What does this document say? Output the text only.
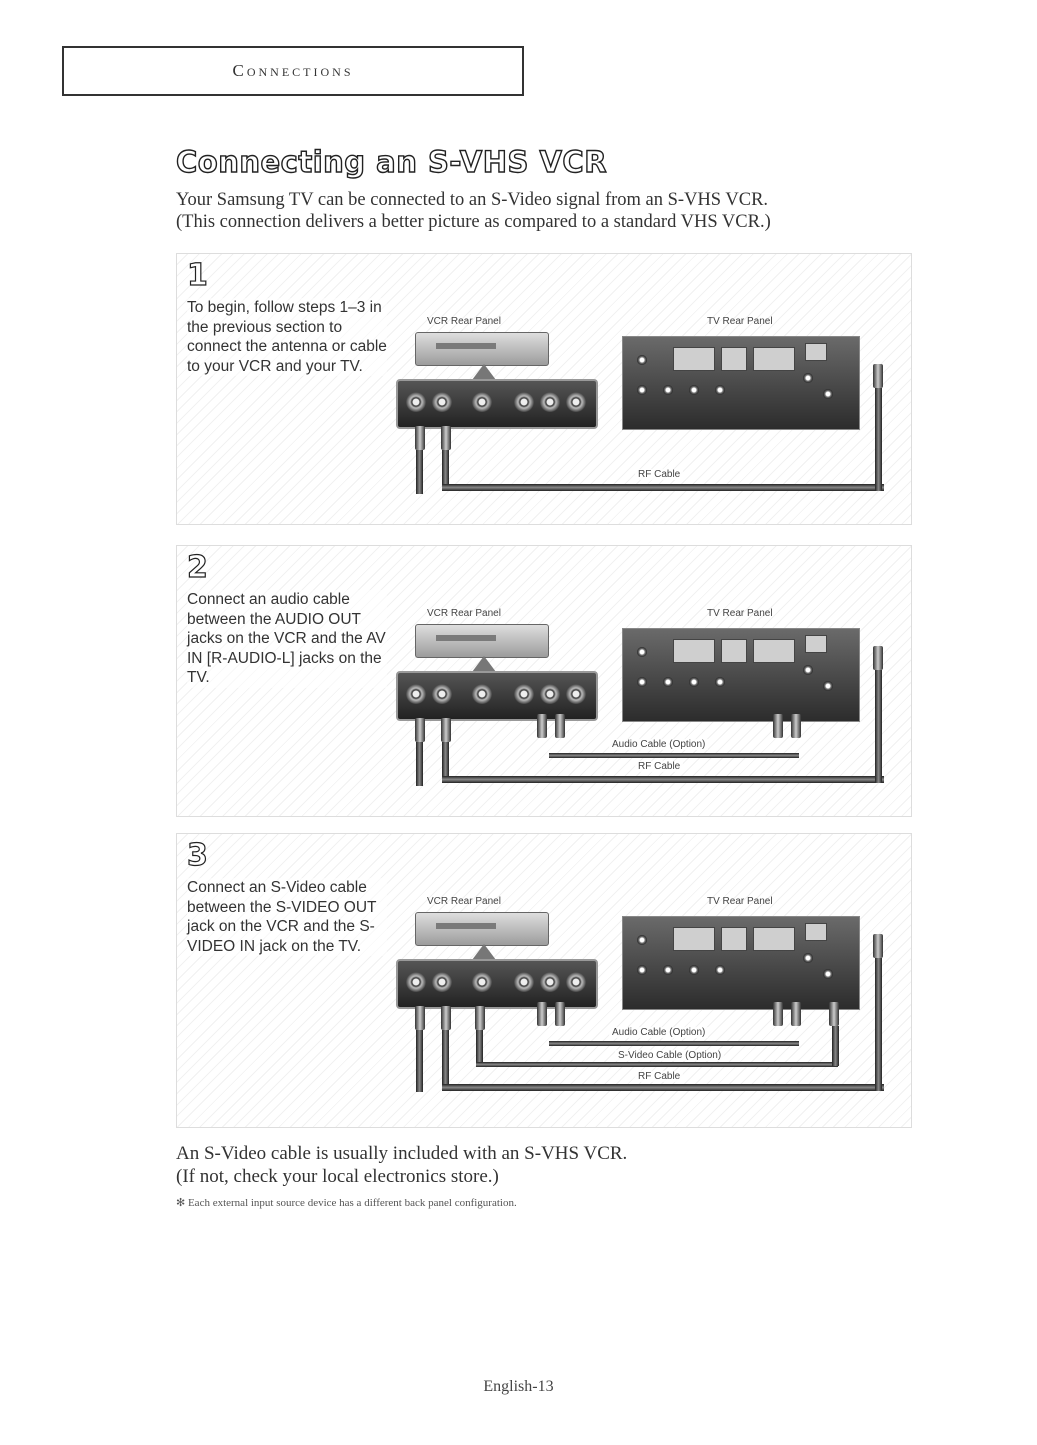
Connections
Connecting an S-VHS VCR
Your Samsung TV can be connected to an S-Video signal from an S-VHS VCR.
(This connection delivers a better picture as compared to a standard VHS VCR.)
1
To begin, follow steps 1–3 in the previous section to connect the antenna or cable to your VCR and your TV.
VCR Rear Panel	TV Rear Panel
RF Cable
2
Connect an audio cable between the AUDIO OUT jacks on the VCR and the AV IN [R-AUDIO-L] jacks on the TV.
VCR Rear Panel	TV Rear Panel
Audio Cable (Option)
RF Cable
3
Connect an S-Video cable between the S-VIDEO OUT jack on the VCR and the S-VIDEO IN jack on the TV.
VCR Rear Panel	TV Rear Panel
Audio Cable (Option)
S-Video Cable (Option)
RF Cable
An S-Video cable is usually included with an S-VHS VCR.
(If not, check your local electronics store.)
✻ Each external input source device has a different back panel configuration.
English-13
